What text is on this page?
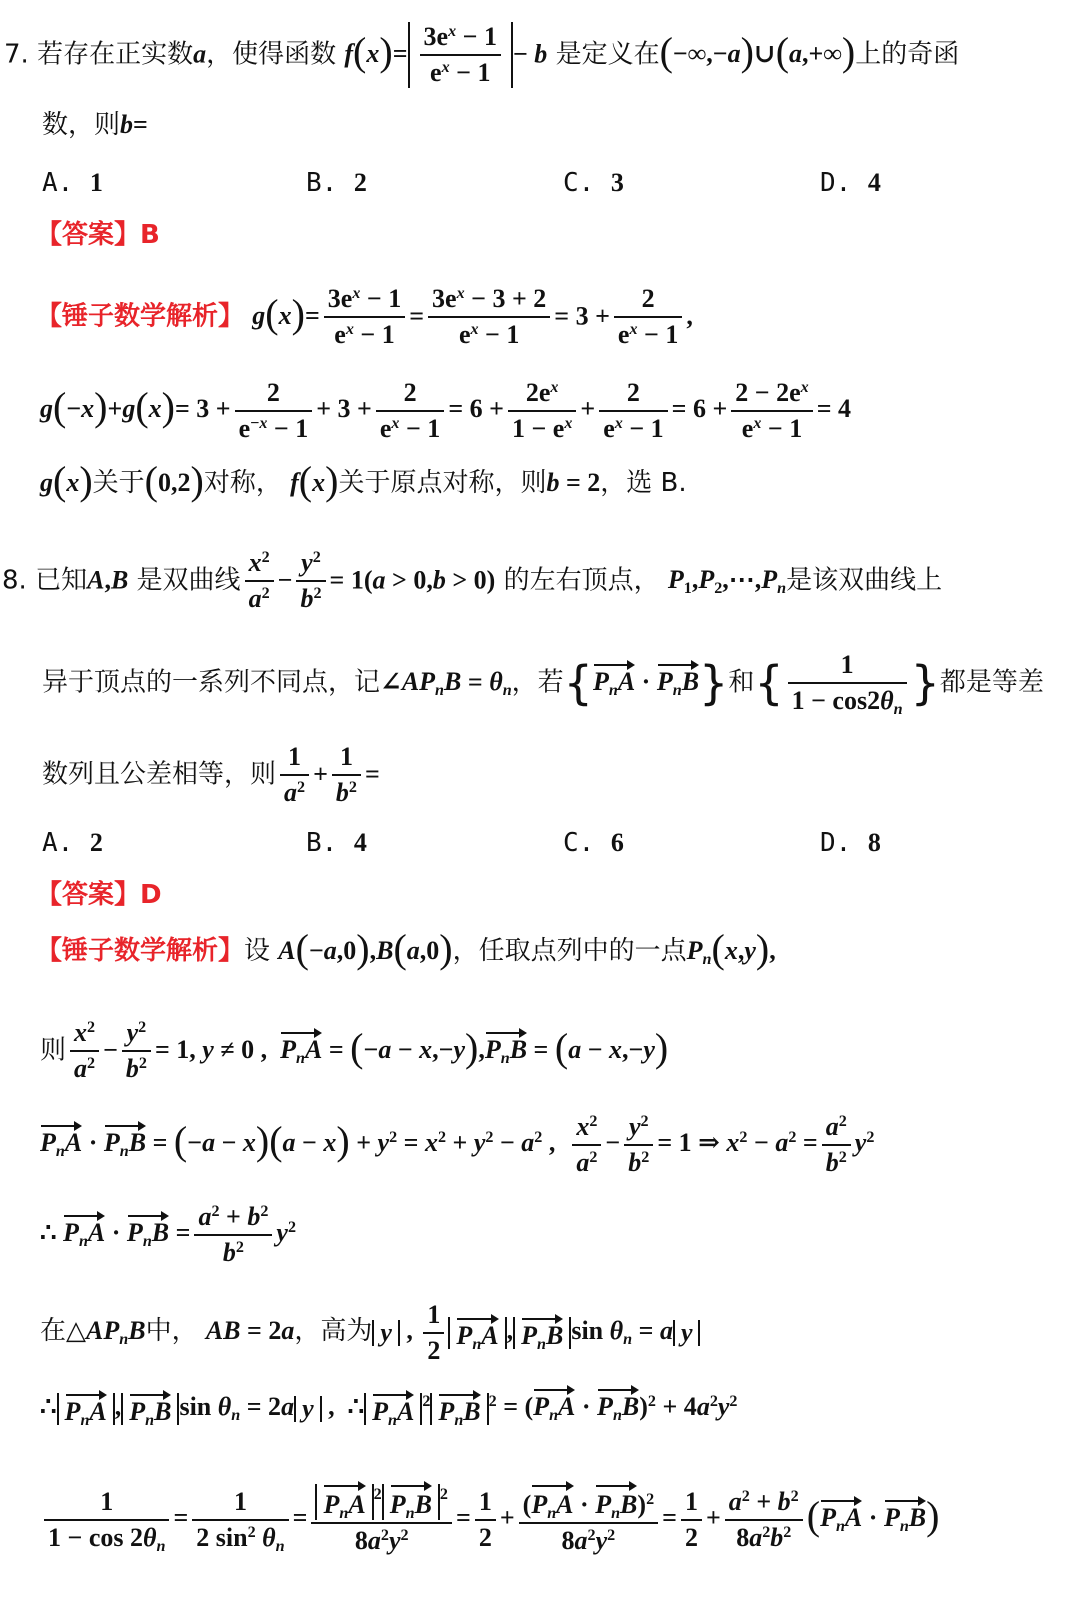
7. 若存在正实数a，使得函数 $f(x)= \frac{3e^x - 1}{e^x - 1} - b$ 是定义在(−∞,−a)∪(a,+∞)上的奇函
数，则b=
A. 1	B. 2	C. 3	D. 4
【答案】B
【锤子数学解析】 $g(x)= \frac{3e^x - 1}{e^x - 1} = \frac{3e^x - 3 + 2}{e^x - 1} = 3 + \frac{2}{e^x - 1}$ ,
$g(-x)+g(x)= 3 + \frac{2}{e^{-x} - 1} + 3 + \frac{2}{e^x - 1} = 6 + \frac{2e^x}{1 - e^x} + \frac{2}{e^x - 1} = 6 + \frac{2 - 2e^x}{e^x - 1} = 4$
g(x)关于(0,2)对称， f(x)关于原点对称，则b = 2，选 B.
8. 已知A,B 是双曲线 $\frac{x^2}{a^2} - \frac{y^2}{b^2} = 1(a > 0,b > 0)$ 的左右顶点， $P_1,P_2,\cdots,P_n$是该双曲线上
异于顶点的一系列不同点，记$\angle AP_nB = \theta_n$，若$\{P_nA \cdot P_nB\}$和{ $\frac{1}{1 - \cos 2\theta_n}$ }都是等差
数列且公差相等，则 $\frac{1}{a^2} + \frac{1}{b^2}$ =
A. 2	B. 4	C. 6	D. 8
【答案】D
【锤子数学解析】设 A(−a,0),B(a,0)，任取点列中的一点$P_n(x,y)$,
则 $\frac{x^2}{a^2} - \frac{y^2}{b^2} = 1$, y ≠ 0 ,  $P_nA = (-a - x,-y),P_nB = (a - x,-y)$
$P_nA \cdot P_nB = (-a - x)(a - x) + y^2 = x^2 + y^2 - a^2$ , $\frac{x^2}{a^2} - \frac{y^2}{b^2} = 1$ ⇒ $x^2 - a^2 = \frac{a^2}{b^2} y^2$
∴ $P_nA \cdot P_nB = \frac{a^2 + b^2}{b^2} y^2$
在$\triangle AP_nB$中， AB = 2a，高为 y , $\frac{1}{2} P_nA$ , $P_nB$ $\sin \theta_n = a$ y
∴ $P_nA$ , $P_nB$ $\sin \theta_n = 2a$ y ,  ∴ $P_nA$ $^2$ $P_nB$ $^2 = (P_nA \cdot P_nB)^2 + 4a^2y^2$
$\frac{1}{1 - \cos 2\theta_n} = \frac{1}{2 \sin^2 \theta_n} = \frac{P_nA ^2 P_nB ^2}{8a^2y^2} = \frac{1}{2} + \frac{(P_nA \cdot P_nB)^2}{8a^2y^2} = \frac{1}{2} + \frac{a^2 + b^2}{8a^2b^2} (P_nA \cdot P_nB)$
